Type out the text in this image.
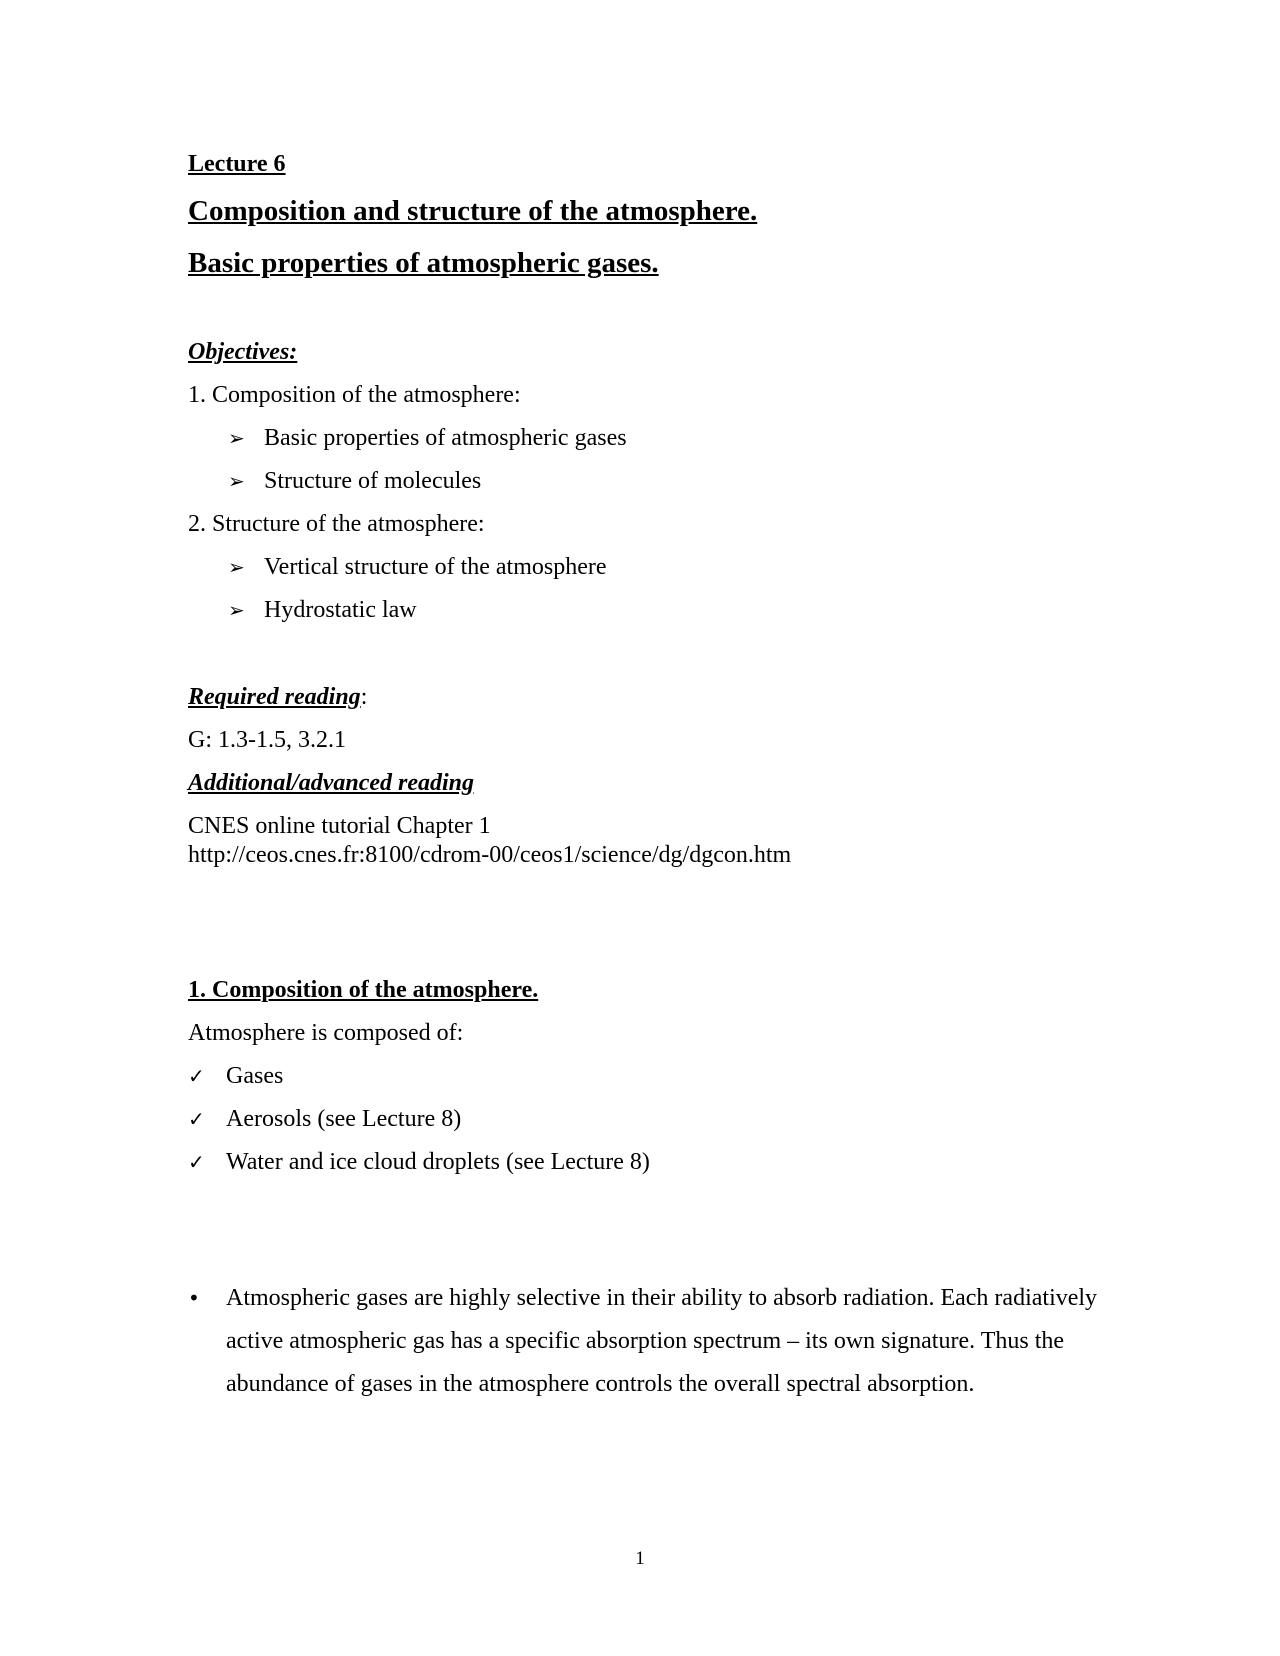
Lecture 6

Composition and structure of the atmosphere.

Basic properties of atmospheric gases.

Objectives:

1. Composition of the atmosphere:

➢ Basic properties of atmospheric gases
➢ Structure of molecules

2. Structure of the atmosphere:

➢ Vertical structure of the atmosphere
➢ Hydrostatic law

Required reading:

G: 1.3-1.5, 3.2.1

Additional/advanced reading

CNES online tutorial Chapter 1

http://ceos.cnes.fr:8100/cdrom-00/ceos1/science/dg/dgcon.htm

1. Composition of the atmosphere.

Atmosphere is composed of:

✓ Gases
✓ Aerosols (see Lecture 8)
✓ Water and ice cloud droplets (see Lecture 8)
• Atmospheric gases are highly selective in their ability to absorb radiation. Each radiatively active atmospheric gas has a specific absorption spectrum – its own signature. Thus the abundance of gases in the atmosphere controls the overall spectral absorption.
1
